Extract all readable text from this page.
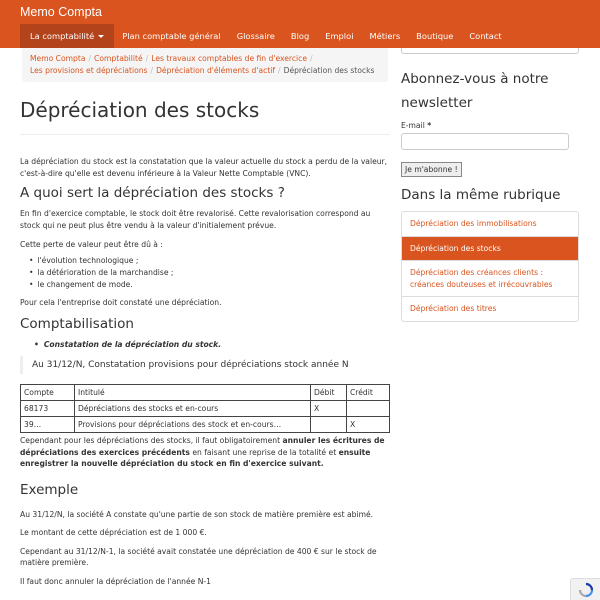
Memo Compta
La comptabilité	Plan comptable général	Glossaire	Blog	Emploi	Métiers	Boutique	Contact
Memo Compta / Comptabilité / Les travaux comptables de fin d'exercice /
Les provisions et dépréciations / Dépréciation d'éléments d'actif / Dépréciation des stocks
Dépréciation des stocks

La dépréciation du stock est la constatation que la valeur actuelle du stock a perdu de la valeur, c'est-à-dire qu'elle est devenu inférieure à la Valeur Nette Comptable (VNC).

A quoi sert la dépréciation des stocks ?

En fin d'exercice comptable, le stock doit être revalorisé. Cette revalorisation correspond au stock qui ne peut plus être vendu à la valeur d'initialement prévue.

Cette perte de valeur peut être dû à :

• l'évolution technologique ;
• la détérioration de la marchandise ;
• le changement de mode.

Pour cela l'entreprise doit constaté une dépréciation.

Comptabilisation

• Constatation de la dépréciation du stock.

Au 31/12/N, Constatation provisions pour dépréciations stock année N
Compte	Intitulé	Débit	Crédit
68173	Dépréciations des stocks et en-cours	X	
39…	Provisions pour dépréciations des stock et en-cours…		X

Cependant pour les dépréciations des stocks, il faut obligatoirement annuler les écritures de dépréciations des exercices précédents en faisant une reprise de la totalité et ensuite enregistrer la nouvelle dépréciation du stock en fin d'exercice suivant.

Exemple

Au 31/12/N, la société A constate qu'une partie de son stock de matière première est abimé.

Le montant de cette dépréciation est de 1 000 €.

Cependant au 31/12/N-1, la société avait constatée une dépréciation de 400 € sur le stock de matière première.

Il faut donc annuler la dépréciation de l'année N-1

Abonnez-vous à notre newsletter
E-mail *
Je m'abonne !
Dans la même rubrique
Dépréciation des immobilisations
Dépréciation des stocks
Dépréciation des créances clients : créances douteuses et irrécouvrables
Dépréciation des titres
